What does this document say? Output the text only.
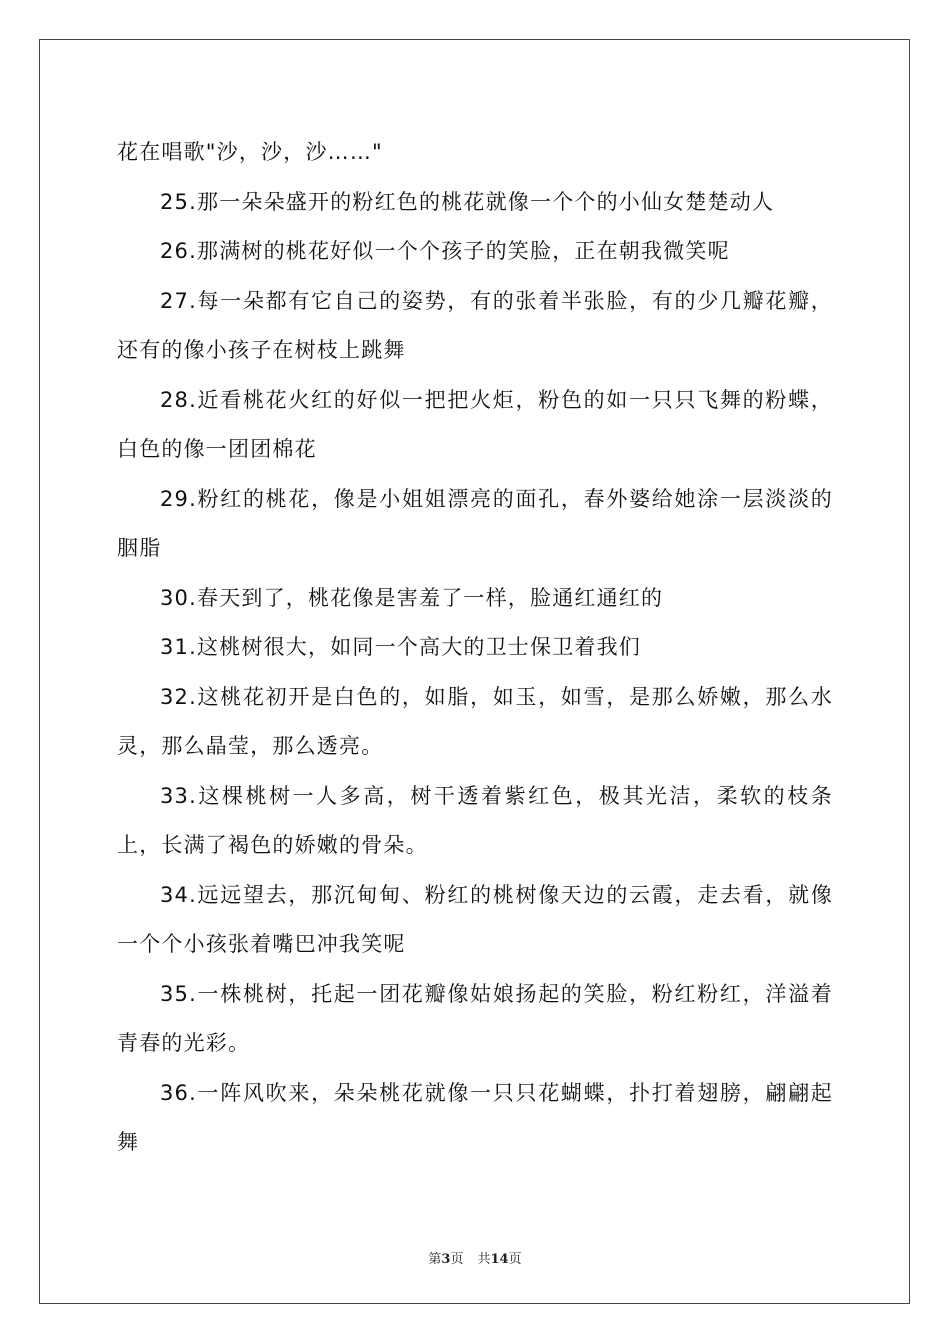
花在唱歌"沙，沙，沙……"

25.那一朵朵盛开的粉红色的桃花就像一个个的小仙女楚楚动人

26.那满树的桃花好似一个个孩子的笑脸，正在朝我微笑呢

27.每一朵都有它自己的姿势，有的张着半张脸，有的少几瓣花瓣，还有的像小孩子在树枝上跳舞

28.近看桃花火红的好似一把把火炬，粉色的如一只只飞舞的粉蝶，白色的像一团团棉花

29.粉红的桃花，像是小姐姐漂亮的面孔，春外婆给她涂一层淡淡的胭脂

30.春天到了，桃花像是害羞了一样，脸通红通红的

31.这桃树很大，如同一个高大的卫士保卫着我们

32.这桃花初开是白色的，如脂，如玉，如雪，是那么娇嫩，那么水灵，那么晶莹，那么透亮。

33.这棵桃树一人多高，树干透着紫红色，极其光洁，柔软的枝条上，长满了褐色的娇嫩的骨朵。

34.远远望去，那沉甸甸、粉红的桃树像天边的云霞，走去看，就像一个个小孩张着嘴巴冲我笑呢

35.一株桃树，托起一团花瓣像姑娘扬起的笑脸，粉红粉红，洋溢着青春的光彩。

36.一阵风吹来，朵朵桃花就像一只只花蝴蝶，扑打着翅膀，翩翩起舞

第3页 共14页
